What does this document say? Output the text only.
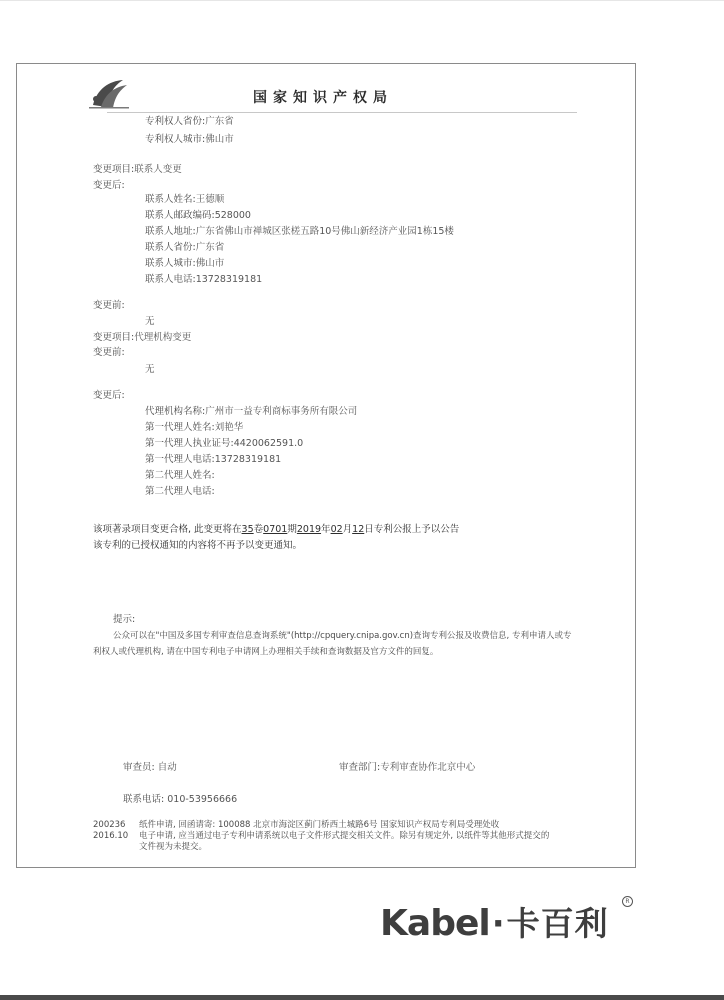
国家知识产权局
专利权人省份:广东省
专利权人城市:佛山市
变更项目:联系人变更
变更后:
联系人姓名:王德顺
联系人邮政编码:528000
联系人地址:广东省佛山市禅城区张槎五路10号佛山新经济产业园1栋15楼
联系人省份:广东省
联系人城市:佛山市
联系人电话:13728319181
变更前:
无
变更项目:代理机构变更
变更前:
无
变更后:
代理机构名称:广州市一益专利商标事务所有限公司
第一代理人姓名:刘艳华
第一代理人执业证号:4420062591.0
第一代理人电话:13728319181
第二代理人姓名:
第二代理人电话:
该项著录项目变更合格, 此变更将在35卷0701期2019年02月12日专利公报上予以公告
该专利的已授权通知的内容将不再予以变更通知。
提示:
公众可以在"中国及多国专利审查信息查询系统"(http://cpquery.cnipa.gov.cn)查询专利公报及收费信息, 专利申请人或专
利权人或代理机构, 请在中国专利电子申请网上办理相关手续和查询数据及官方文件的回复。
审查员: 自动	审查部门:专利审查协作北京中心
联系电话: 010-53956666
200236
2016.10
纸件申请, 回函请寄: 100088 北京市海淀区蓟门桥西土城路6号 国家知识产权局专利局受理处收
电子申请, 应当通过电子专利申请系统以电子文件形式提交相关文件。除另有规定外, 以纸件等其他形式提交的
文件视为未提交。
Kabel·卡百利
R
